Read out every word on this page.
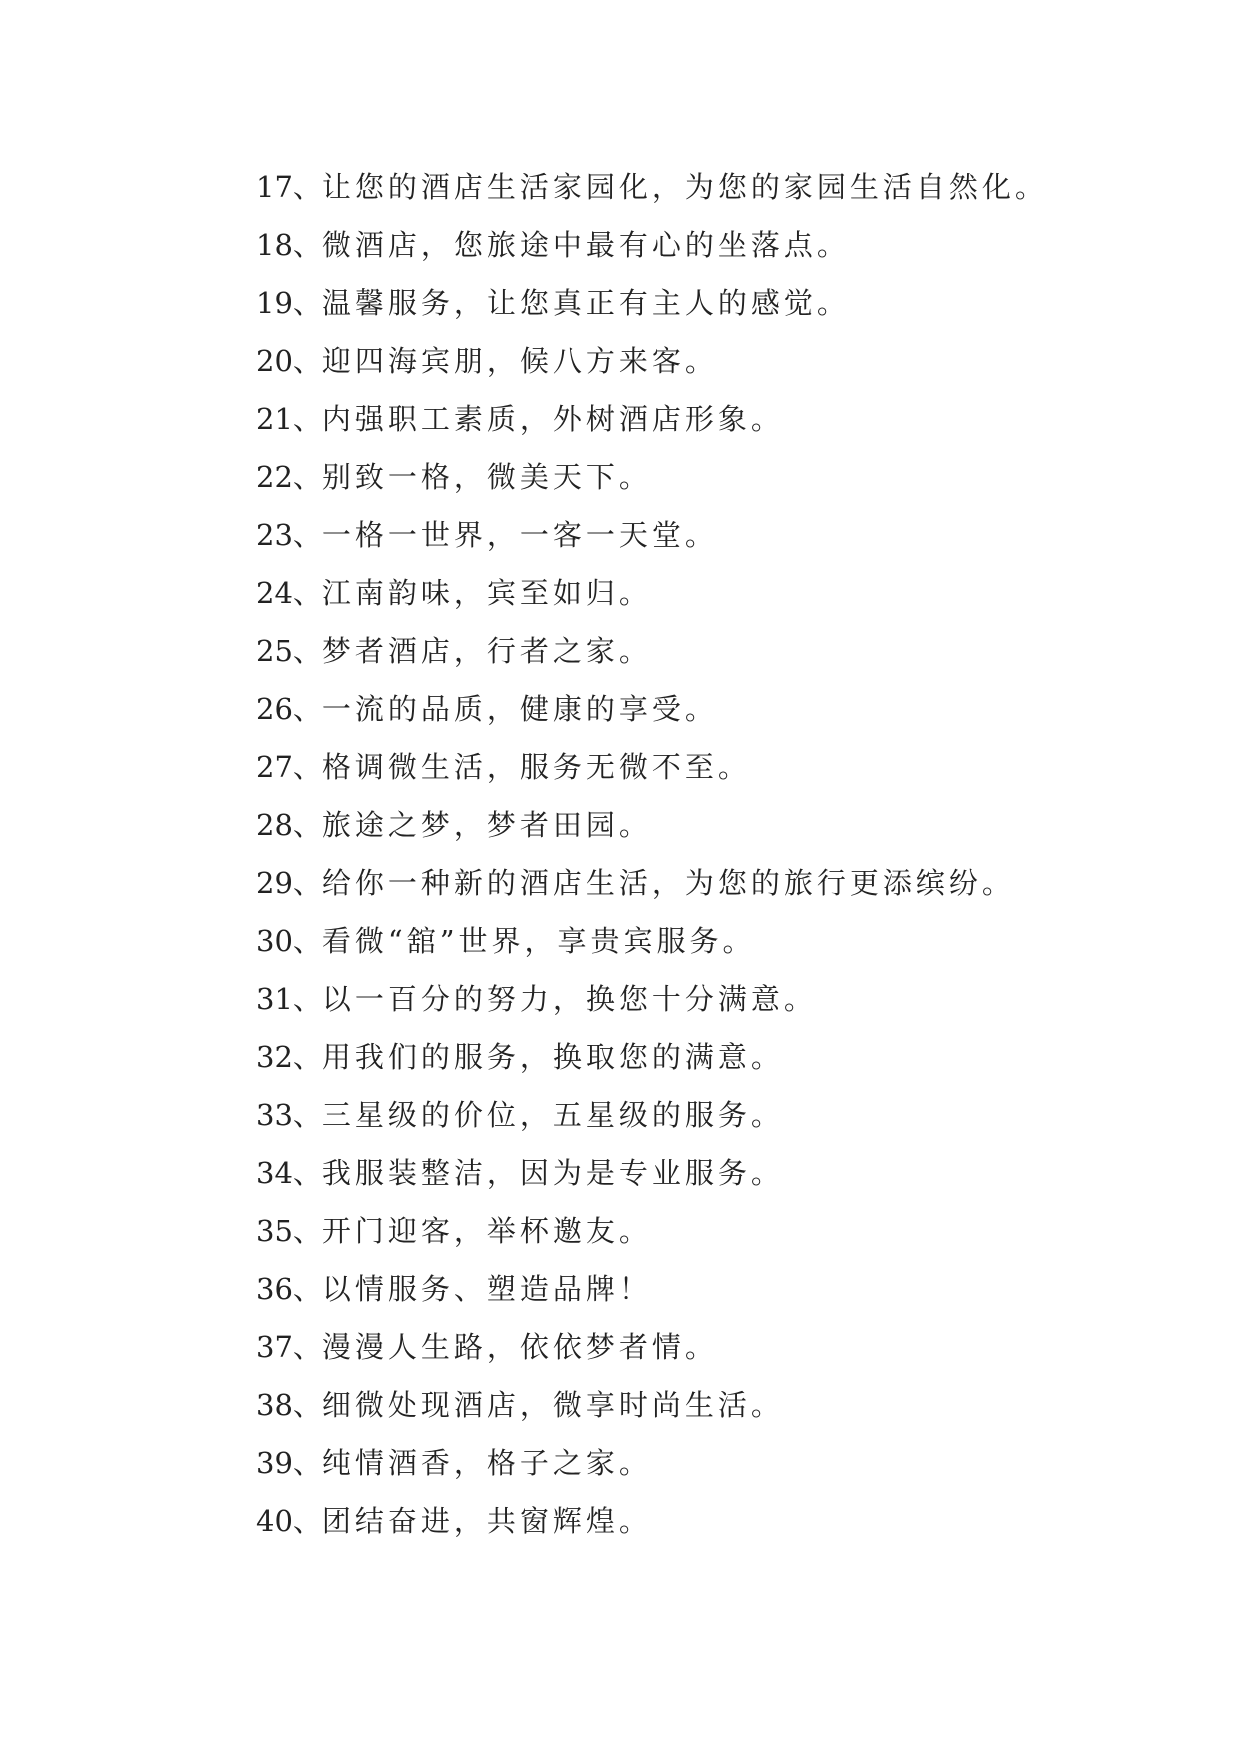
17、让您的酒店生活家园化，为您的家园生活自然化。
18、微酒店，您旅途中最有心的坐落点。
19、温馨服务，让您真正有主人的感觉。
20、迎四海宾朋，候八方来客。
21、内强职工素质，外树酒店形象。
22、别致一格，微美天下。
23、一格一世界，一客一天堂。
24、江南韵味，宾至如归。
25、梦者酒店，行者之家。
26、一流的品质，健康的享受。
27、格调微生活，服务无微不至。
28、旅途之梦，梦者田园。
29、给你一种新的酒店生活，为您的旅行更添缤纷。
30、看微“舘”世界，享贵宾服务。
31、以一百分的努力，换您十分满意。
32、用我们的服务，换取您的满意。
33、三星级的价位，五星级的服务。
34、我服装整洁，因为是专业服务。
35、开门迎客，举杯邀友。
36、以情服务、塑造品牌！
37、漫漫人生路，依依梦者情。
38、细微处现酒店，微享时尚生活。
39、纯情酒香，格子之家。
40、团结奋进，共窗辉煌。
